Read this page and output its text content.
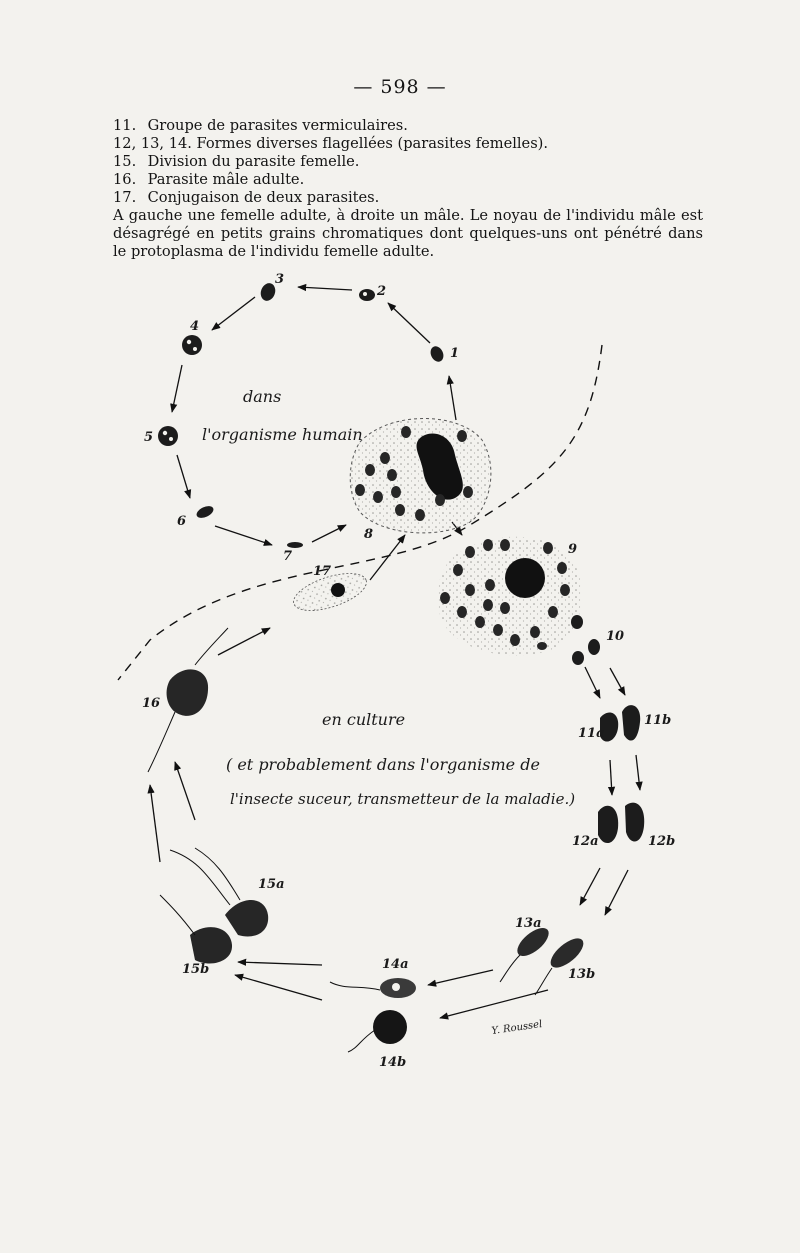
— 598 —
11. Groupe de parasites vermiculaires.
12, 13, 14. Formes diverses flagellées (parasites femelles).
15. Division du parasite femelle.
16. Parasite mâle adulte.
17. Conjugaison de deux parasites.

A gauche une femelle adulte, à droite un mâle. Le noyau de l'individu mâle est désagrégé en petits grains chromatiques dont quelques-uns ont pénétré dans le protoplasma de l'individu femelle adulte.

dans
l'organisme humain
en culture
( et probablement dans l'organisme de
l'insecte suceur, transmetteur de la maladie.)
1
2
3
4
5
6
7
8
9
10
11a
11b
12a	12b
13a
13b
14a
14b
15a
15b
16
17
Y. Roussel
